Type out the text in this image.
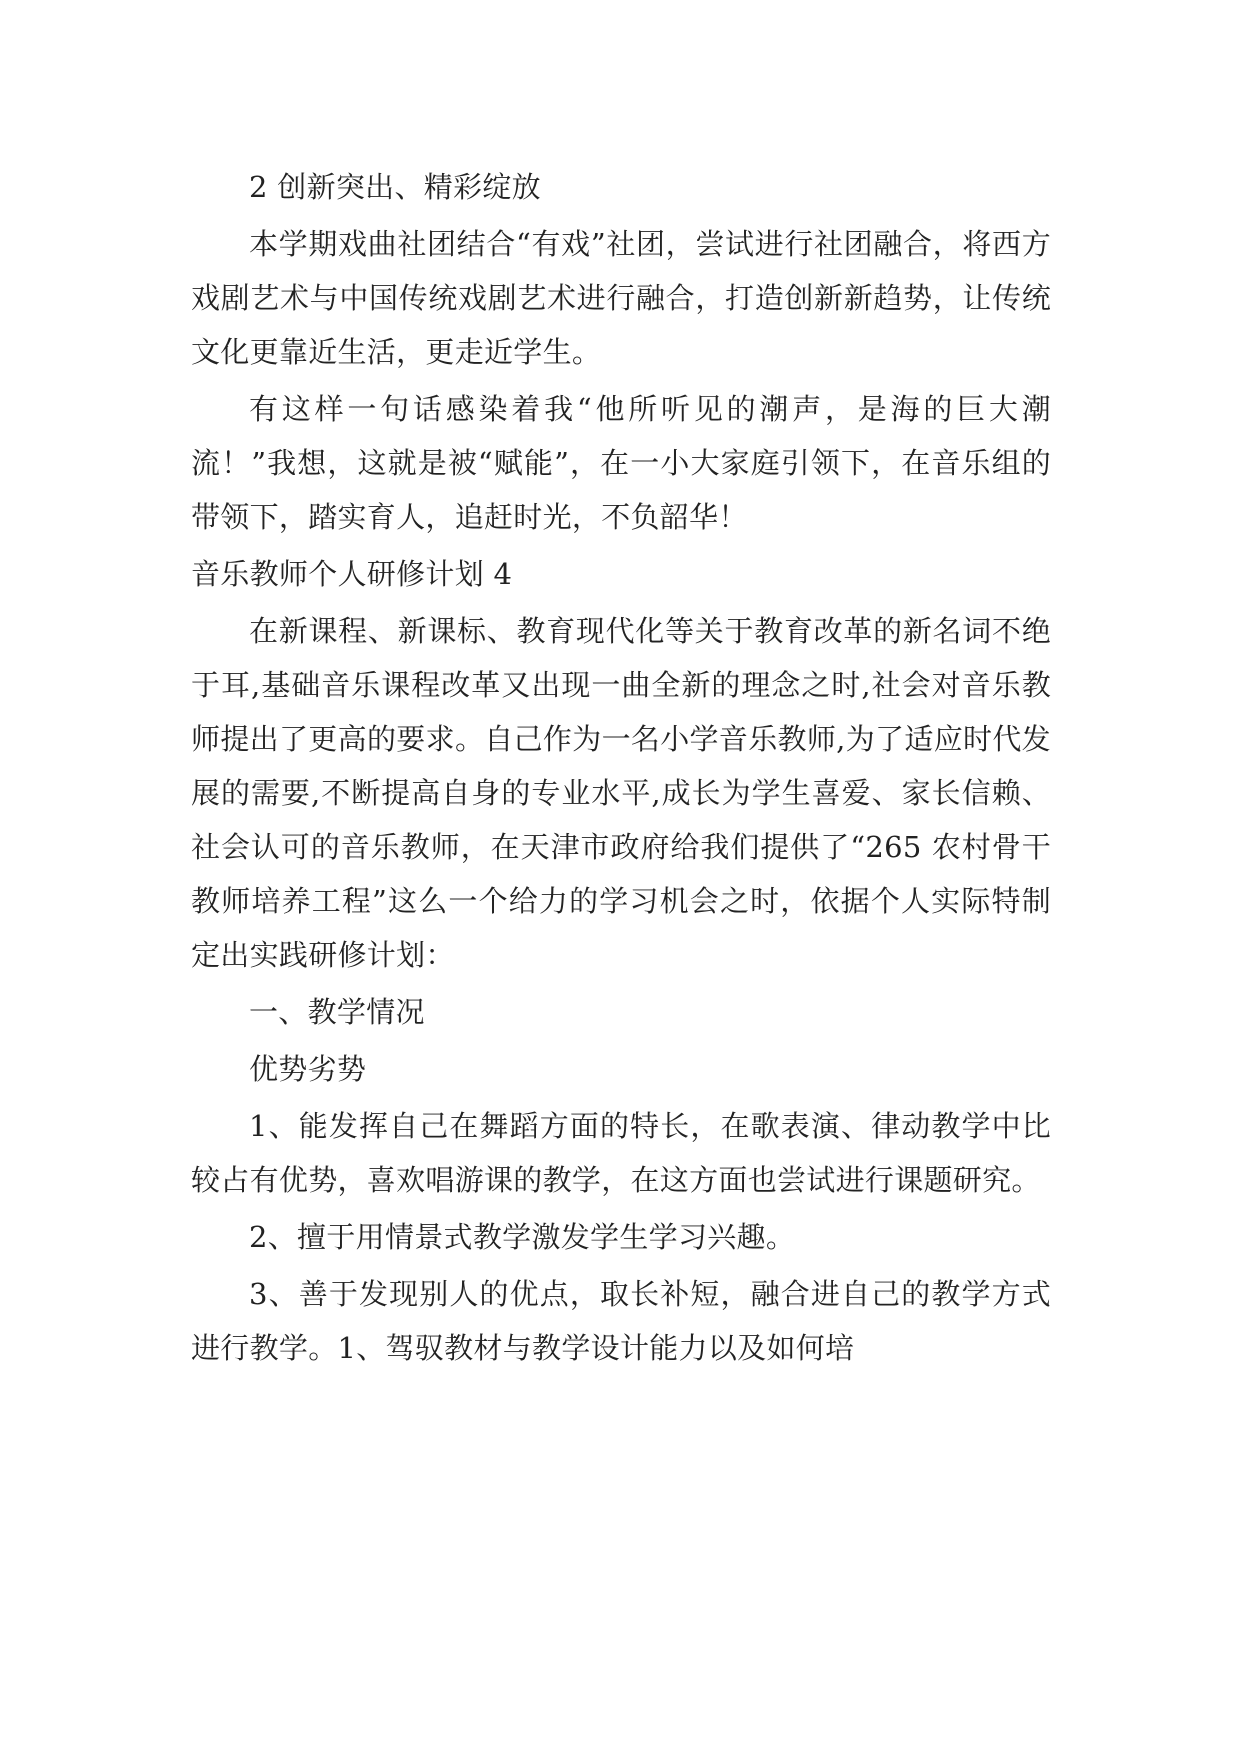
2 创新突出、精彩绽放

本学期戏曲社团结合“有戏”社团，尝试进行社团融合，将西方戏剧艺术与中国传统戏剧艺术进行融合，打造创新新趋势，让传统文化更靠近生活，更走近学生。

有这样一句话感染着我“他所听见的潮声，是海的巨大潮流！”我想，这就是被“赋能”，在一小大家庭引领下，在音乐组的带领下，踏实育人，追赶时光，不负韶华！

音乐教师个人研修计划 4

在新课程、新课标、教育现代化等关于教育改革的新名词不绝于耳,基础音乐课程改革又出现一曲全新的理念之时,社会对音乐教师提出了更高的要求。自己作为一名小学音乐教师,为了适应时代发展的需要,不断提高自身的专业水平,成长为学生喜爱、家长信赖、社会认可的音乐教师，在天津市政府给我们提供了“265 农村骨干教师培养工程”这么一个给力的学习机会之时，依据个人实际特制定出实践研修计划：

一、教学情况

优势劣势

1、能发挥自己在舞蹈方面的特长，在歌表演、律动教学中比较占有优势，喜欢唱游课的教学，在这方面也尝试进行课题研究。

2、擅于用情景式教学激发学生学习兴趣。

3、善于发现别人的优点，取长补短，融合进自己的教学方式进行教学。1、驾驭教材与教学设计能力以及如何培
